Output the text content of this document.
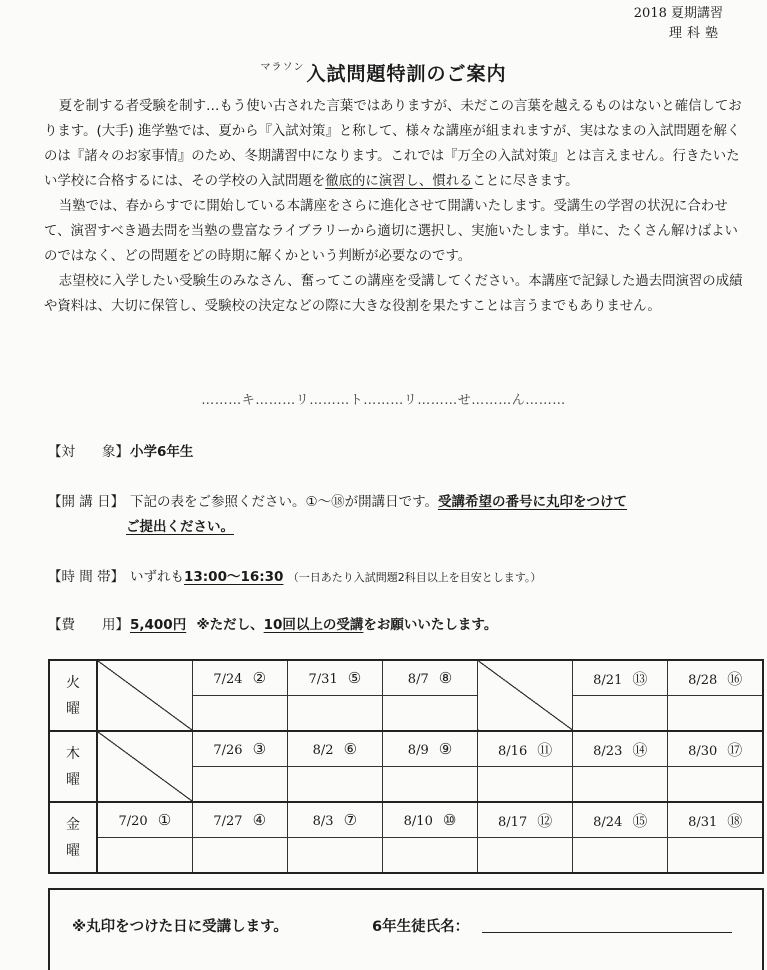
2018 夏期講習
理科塾
$^{マラソン}$ 入試問題特訓のご案内

夏を制する者受験を制す…もう使い古された言葉ではありますが、未だこの言葉を越えるものはないと確信しております。(大手) 進学塾では、夏から『入試対策』と称して、様々な講座が組まれますが、実はなまの入試問題を解くのは『諸々のお家事情』のため、冬期講習中になります。これでは『万全の入試対策』とは言えません。行きたいたい学校に合格するには、その学校の入試問題を徹底的に演習し、慣れることに尽きます。

当塾では、春からすでに開始している本講座をさらに進化させて開講いたします。受講生の学習の状況に合わせて、演習すべき過去問を当塾の豊富なライブラリーから適切に選択し、実施いたします。単に、たくさん解けばよいのではなく、どの問題をどの時期に解くかという判断が必要なのです。

志望校に入学したい受験生のみなさん、奮ってこの講座を受講してください。本講座で記録した過去問演習の成績や資料は、大切に保管し、受験校の決定などの際に大きな役割を果たすことは言うまでもありません。

………キ………リ………ト………リ………せ………ん………
【対　　象】小学6年生
【開 講 日】 下記の表をご参照ください。①～⑱が開講日です。受講希望の番号に丸印をつけて
ご提出ください。
【時 間 帯】 いずれも13:00～16:30 （一日あたり入試問題2科目以上を目安とします。）
【費　　用】5,400円 ※ただし、10回以上の受講をお願いいたします。
火
曜		7/24 ②	7/31 ⑤	8/7 ⑧		8/21 ⑬	8/28 ⑯

木
曜		7/26 ③	8/2 ⑥	8/9 ⑨	8/16 ⑪	8/23 ⑭	8/30 ⑰

金
曜	7/20 ①	7/27 ④	8/3 ⑦	8/10 ⑩	8/17 ⑫	8/24 ⑮	8/31 ⑱

※丸印をつけた日に受講します。	6年生徒氏名：
